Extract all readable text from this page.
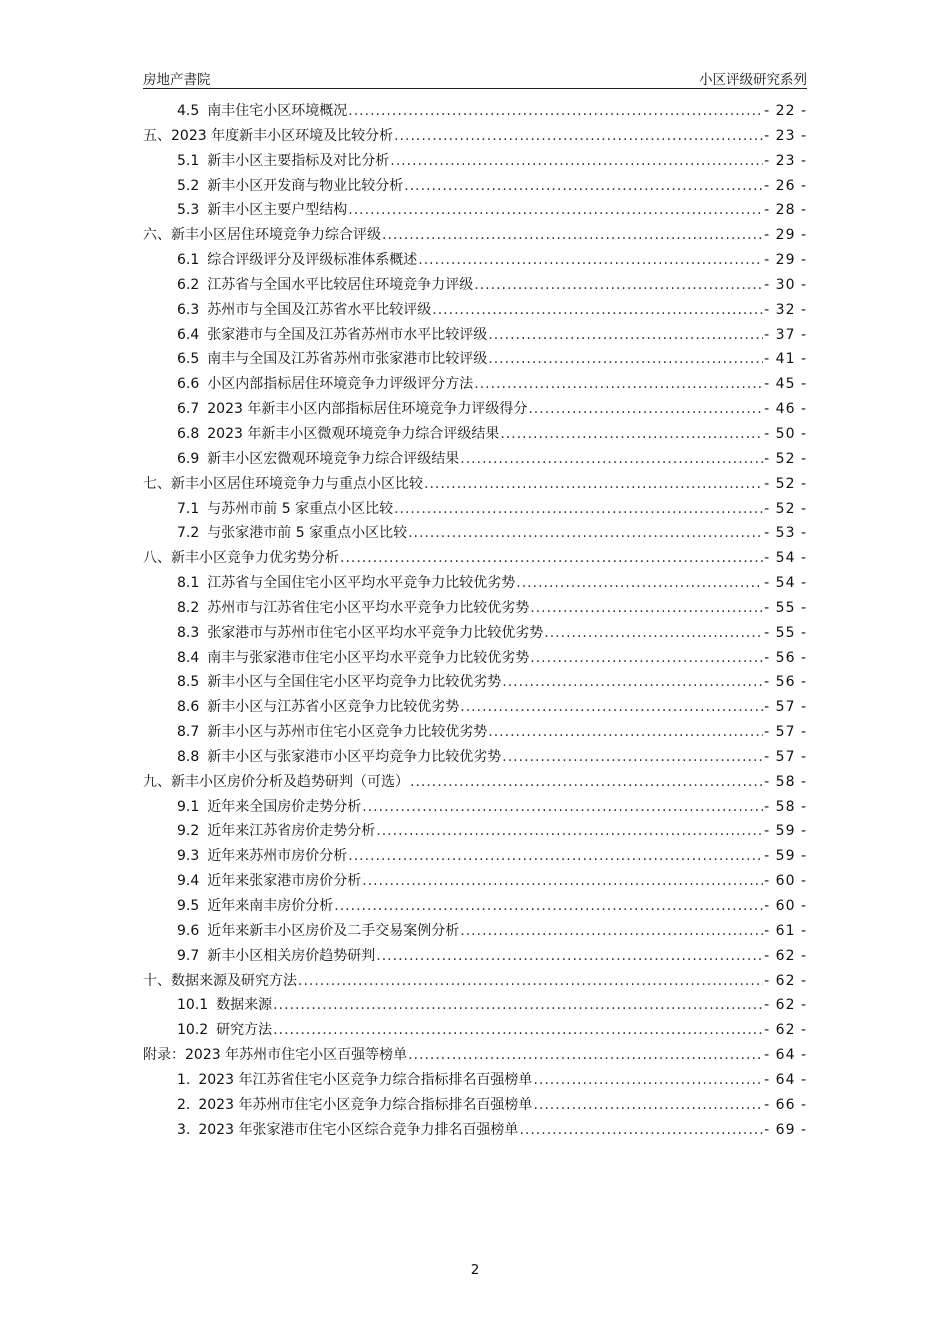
房地产書院	小区评级研究系列
4.5 南丰住宅小区环境概况 .....	- 22 -
五、 2023 年度新丰小区环境及比较分析 .....	- 23 -
5.1 新丰小区主要指标及对比分析 .....	- 23 -
5.2 新丰小区开发商与物业比较分析 .....	- 26 -
5.3 新丰小区主要户型结构 .....	- 28 -
六、 新丰小区居住环境竞争力综合评级 .....	- 29 -
6.1 综合评级评分及评级标准体系概述 .....	- 29 -
6.2 江苏省与全国水平比较居住环境竞争力评级 .....	- 30 -
6.3 苏州市与全国及江苏省水平比较评级 .....	- 32 -
6.4 张家港市与全国及江苏省苏州市水平比较评级 .....	- 37 -
6.5 南丰与全国及江苏省苏州市张家港市比较评级 .....	- 41 -
6.6 小区内部指标居住环境竞争力评级评分方法 .....	- 45 -
6.7 2023 年新丰小区内部指标居住环境竞争力评级得分 .....	- 46 -
6.8 2023 年新丰小区微观环境竞争力综合评级结果 .....	- 50 -
6.9 新丰小区宏微观环境竞争力综合评级结果 .....	- 52 -
七、 新丰小区居住环境竞争力与重点小区比较 .....	- 52 -
7.1 与苏州市前 5 家重点小区比较 .....	- 52 -
7.2 与张家港市前 5 家重点小区比较 .....	- 53 -
八、 新丰小区竞争力优劣势分析 .....	- 54 -
8.1 江苏省与全国住宅小区平均水平竞争力比较优劣势 .....	- 54 -
8.2 苏州市与江苏省住宅小区平均水平竞争力比较优劣势 .....	- 55 -
8.3 张家港市与苏州市住宅小区平均水平竞争力比较优劣势 .....	- 55 -
8.4 南丰与张家港市住宅小区平均水平竞争力比较优劣势 .....	- 56 -
8.5 新丰小区与全国住宅小区平均竞争力比较优劣势 .....	- 56 -
8.6 新丰小区与江苏省小区竞争力比较优劣势 .....	- 57 -
8.7 新丰小区与苏州市住宅小区竞争力比较优劣势 .....	- 57 -
8.8 新丰小区与张家港市小区平均竞争力比较优劣势 .....	- 57 -
九、 新丰小区房价分析及趋势研判（可选） .....	- 58 -
9.1 近年来全国房价走势分析 .....	- 58 -
9.2 近年来江苏省房价走势分析 .....	- 59 -
9.3 近年来苏州市房价分析 .....	- 59 -
9.4 近年来张家港市房价分析 .....	- 60 -
9.5 近年来南丰房价分析 .....	- 60 -
9.6 近年来新丰小区房价及二手交易案例分析 .....	- 61 -
9.7 新丰小区相关房价趋势研判 .....	- 62 -
十、 数据来源及研究方法 .....	- 62 -
10.1 数据来源 .....	- 62 -
10.2 研究方法 .....	- 62 -
附录： 2023 年苏州市住宅小区百强等榜单 .....	- 64 -
1. 2023 年江苏省住宅小区竞争力综合指标排名百强榜单 .....	- 64 -
2. 2023 年苏州市住宅小区竞争力综合指标排名百强榜单 .....	- 66 -
3. 2023 年张家港市住宅小区综合竞争力排名百强榜单 .....	- 69 -
2
